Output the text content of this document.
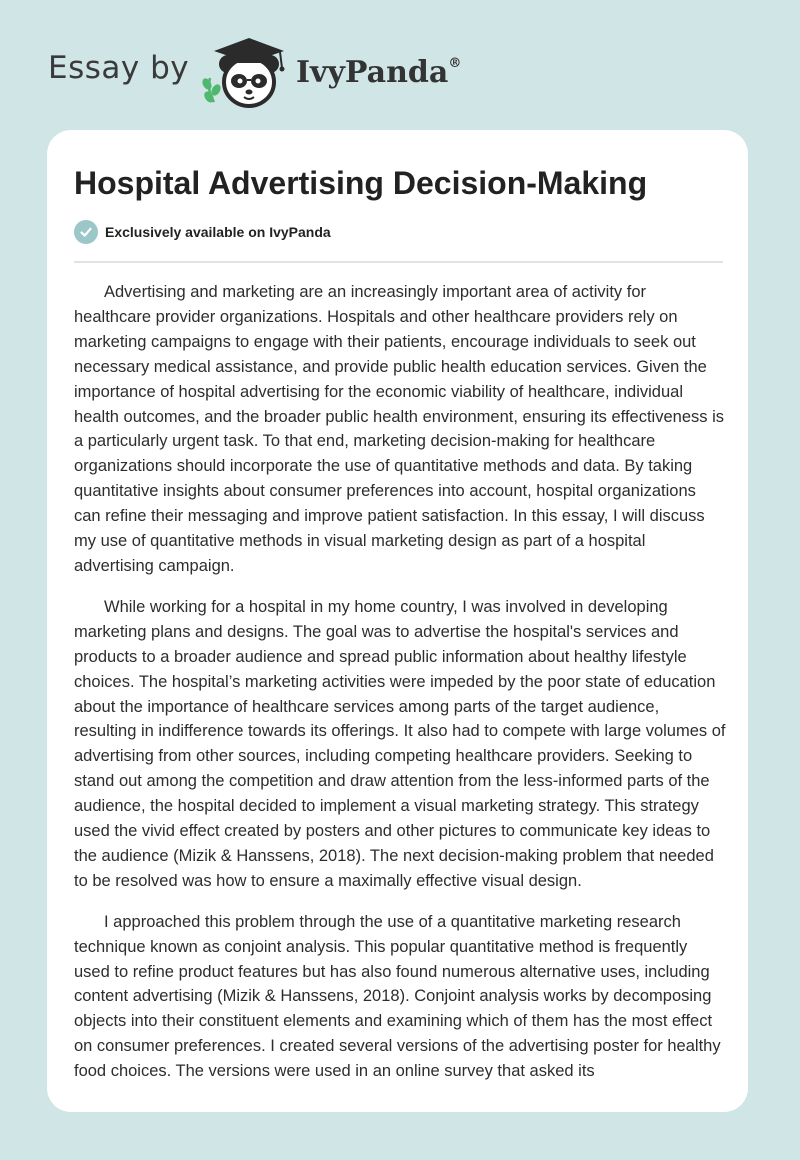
Essay by	IvyPanda®
Hospital Advertising Decision-Making
Exclusively available on IvyPanda

Advertising and marketing are an increasingly important area of activity for healthcare provider organizations. Hospitals and other healthcare providers rely on marketing campaigns to engage with their patients, encourage individuals to seek out necessary medical assistance, and provide public health education services. Given the importance of hospital advertising for the economic viability of healthcare, individual health outcomes, and the broader public health environment, ensuring its effectiveness is a particularly urgent task. To that end, marketing decision-making for healthcare organizations should incorporate the use of quantitative methods and data. By taking quantitative insights about consumer preferences into account, hospital organizations can refine their messaging and improve patient satisfaction. In this essay, I will discuss my use of quantitative methods in visual marketing design as part of a hospital advertising campaign.

While working for a hospital in my home country, I was involved in developing marketing plans and designs. The goal was to advertise the hospital's services and products to a broader audience and spread public information about healthy lifestyle choices. The hospital’s marketing activities were impeded by the poor state of education about the importance of healthcare services among parts of the target audience, resulting in indifference towards its offerings. It also had to compete with large volumes of advertising from other sources, including competing healthcare providers. Seeking to stand out among the competition and draw attention from the less-informed parts of the audience, the hospital decided to implement a visual marketing strategy. This strategy used the vivid effect created by posters and other pictures to communicate key ideas to the audience (Mizik & Hanssens, 2018). The next decision-making problem that needed to be resolved was how to ensure a maximally effective visual design.

I approached this problem through the use of a quantitative marketing research technique known as conjoint analysis. This popular quantitative method is frequently used to refine product features but has also found numerous alternative uses, including content advertising (Mizik & Hanssens, 2018). Conjoint analysis works by decomposing objects into their constituent elements and examining which of them has the most effect on consumer preferences. I created several versions of the advertising poster for healthy food choices. The versions were used in an online survey that asked its
